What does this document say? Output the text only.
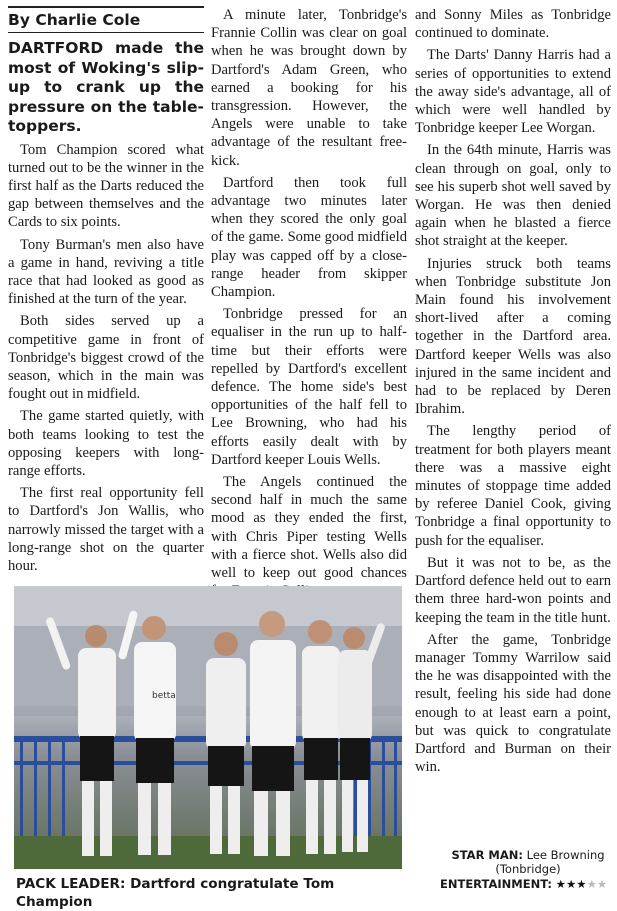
By Charlie Cole
DARTFORD made the most of Woking's slip-up to crank up the pressure on the table-toppers.

Tom Champion scored what turned out to be the winner in the first half as the Darts reduced the gap between themselves and the Cards to six points.

Tony Burman's men also have a game in hand, reviving a title race that had looked as good as finished at the turn of the year.

Both sides served up a competitive game in front of Tonbridge's biggest crowd of the season, which in the main was fought out in midfield.

The game started quietly, with both teams looking to test the opposing keepers with long-range efforts.

The first real opportunity fell to Dartford's Jon Wallis, who narrowly missed the target with a long-range shot on the quarter hour.

A minute later, Tonbridge's Frannie Collin was clear on goal when he was brought down by Dartford's Adam Green, who earned a booking for his transgression. However, the Angels were unable to take advantage of the resultant free-kick.

Dartford then took full advantage two minutes later when they scored the only goal of the game. Some good midfield play was capped off by a close-range header from skipper Champion.

Tonbridge pressed for an equaliser in the run up to half-time but their efforts were repelled by Dartford's excellent defence. The home side's best opportunities of the half fell to Lee Browning, who had his efforts easily dealt with by Dartford keeper Louis Wells.

The Angels continued the second half in much the same mood as they ended the first, with Chris Piper testing Wells with a fierce shot. Wells also did well to keep out good chances

and Sonny Miles as Tonbridge continued to dominate.

The Darts' Danny Harris had a series of opportunities to extend the away side's advantage, all of which were well handled by Tonbridge keeper Lee Worgan.

In the 64th minute, Harris was clean through on goal, only to see his superb shot well saved by Worgan. He was then denied again when he blasted a fierce shot straight at the keeper.

Injuries struck both teams when Tonbridge substitute Jon Main found his involvement short-lived after a coming together in the Dartford area. Dartford keeper Wells was also injured in the same incident and had to be replaced by Deren Ibrahim.

The lengthy period of treatment for both players meant there was a massive eight minutes of stoppage time added by referee Daniel Cook, giving Tonbridge a final opportunity to push for the equaliser.

But it was not to be, as the Dartford defence held out to earn them three hard-won points and keeping the team in the title hunt.

After the game, Tonbridge manager Tommy Warrilow said the he was disappointed with the result, feeling his side had done enough to at least earn a point, but was quick to congratulate Dartford and Burman on their win.

betta
PACK LEADER: Dartford congratulate Tom Champion
STAR MAN: Lee Browning
(Tonbridge)
ENTERTAINMENT: ★★★★★
